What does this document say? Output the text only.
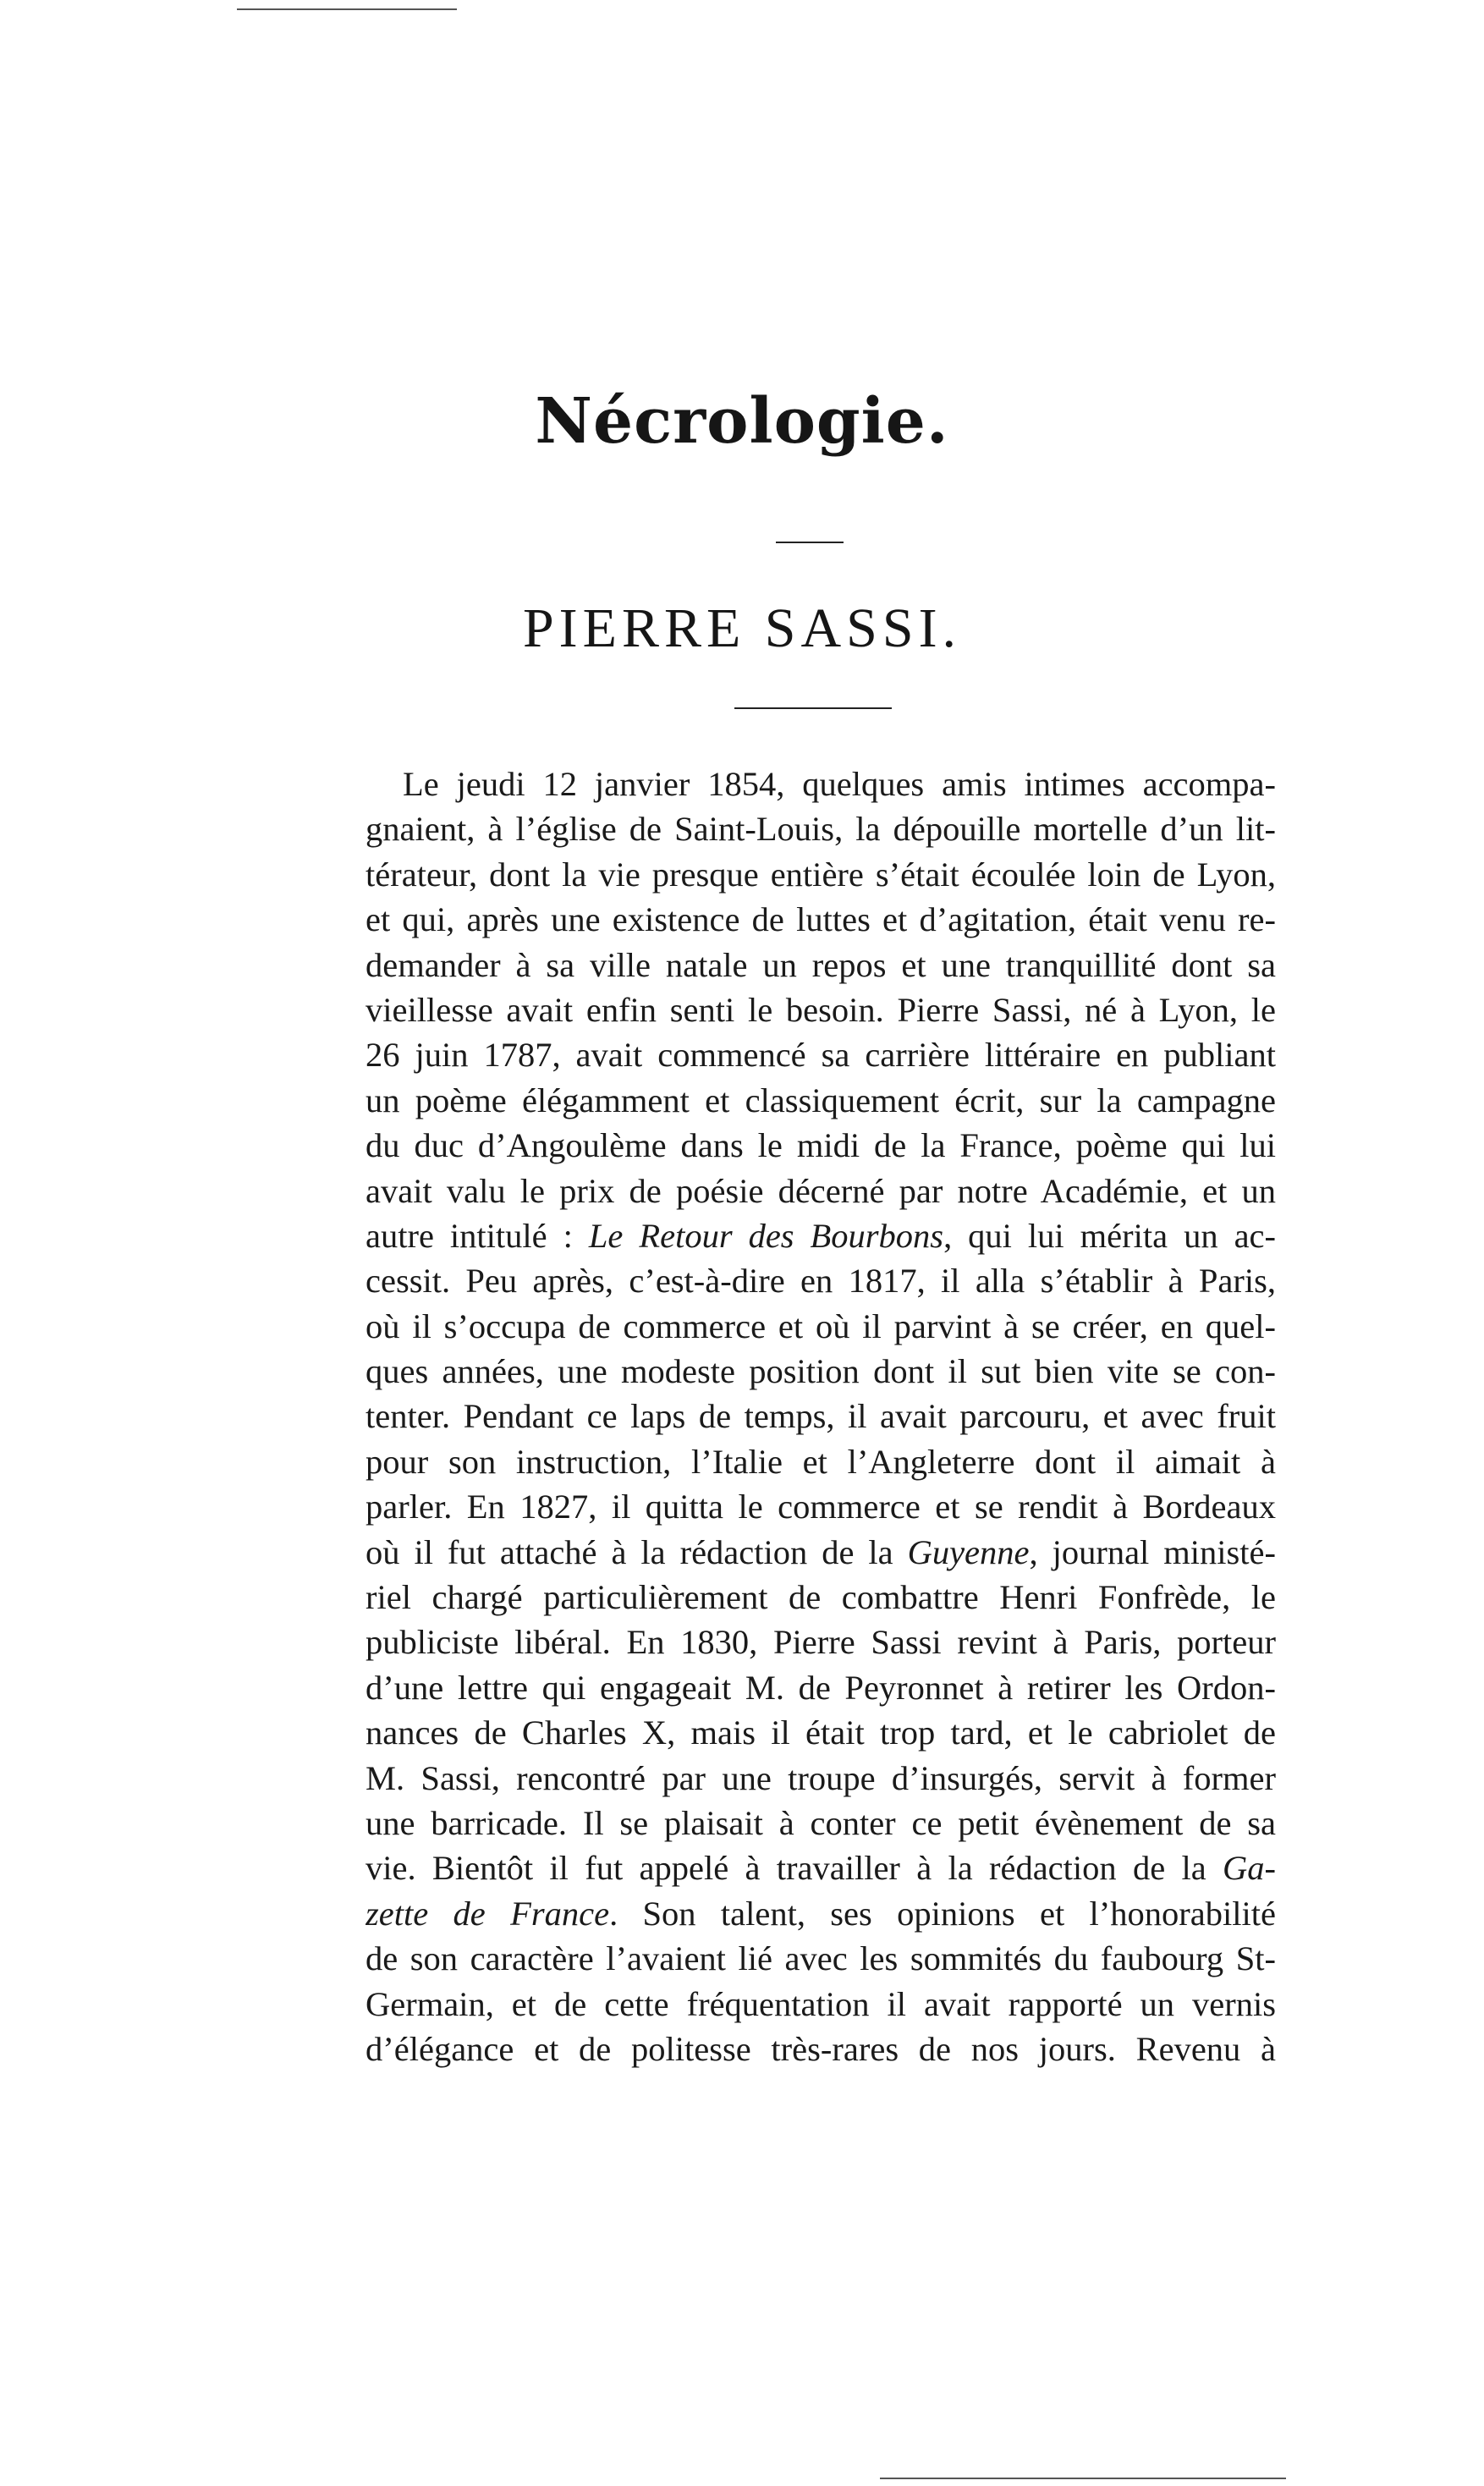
Nécrologie.
PIERRE SASSI.
Le jeudi 12 janvier 1854, quelques amis intimes accompa-
gnaient, à l’église de Saint-Louis, la dépouille mortelle d’un lit-
térateur, dont la vie presque entière s’était écoulée loin de Lyon,
et qui, après une existence de luttes et d’agitation, était venu re-
demander à sa ville natale un repos et une tranquillité dont sa
vieillesse avait enfin senti le besoin. Pierre Sassi, né à Lyon, le
26 juin 1787, avait commencé sa carrière littéraire en publiant
un poème élégamment et classiquement écrit, sur la campagne
du duc d’Angoulème dans le midi de la France, poème qui lui
avait valu le prix de poésie décerné par notre Académie, et un
autre intitulé : Le Retour des Bourbons, qui lui mérita un ac-
cessit. Peu après, c’est-à-dire en 1817, il alla s’établir à Paris,
où il s’occupa de commerce et où il parvint à se créer, en quel-
ques années, une modeste position dont il sut bien vite se con-
tenter. Pendant ce laps de temps, il avait parcouru, et avec fruit
pour son instruction, l’Italie et l’Angleterre dont il aimait à
parler. En 1827, il quitta le commerce et se rendit à Bordeaux
où il fut attaché à la rédaction de la Guyenne, journal ministé-
riel chargé particulièrement de combattre Henri Fonfrède, le
publiciste libéral. En 1830, Pierre Sassi revint à Paris, porteur
d’une lettre qui engageait M. de Peyronnet à retirer les Ordon-
nances de Charles X, mais il était trop tard, et le cabriolet de
M. Sassi, rencontré par une troupe d’insurgés, servit à former
une barricade. Il se plaisait à conter ce petit évènement de sa
vie. Bientôt il fut appelé à travailler à la rédaction de la Ga-
zette de France. Son talent, ses opinions et l’honorabilité
de son caractère l’avaient lié avec les sommités du faubourg St-
Germain, et de cette fréquentation il avait rapporté un vernis
d’élégance et de politesse très-rares de nos jours. Revenu à
